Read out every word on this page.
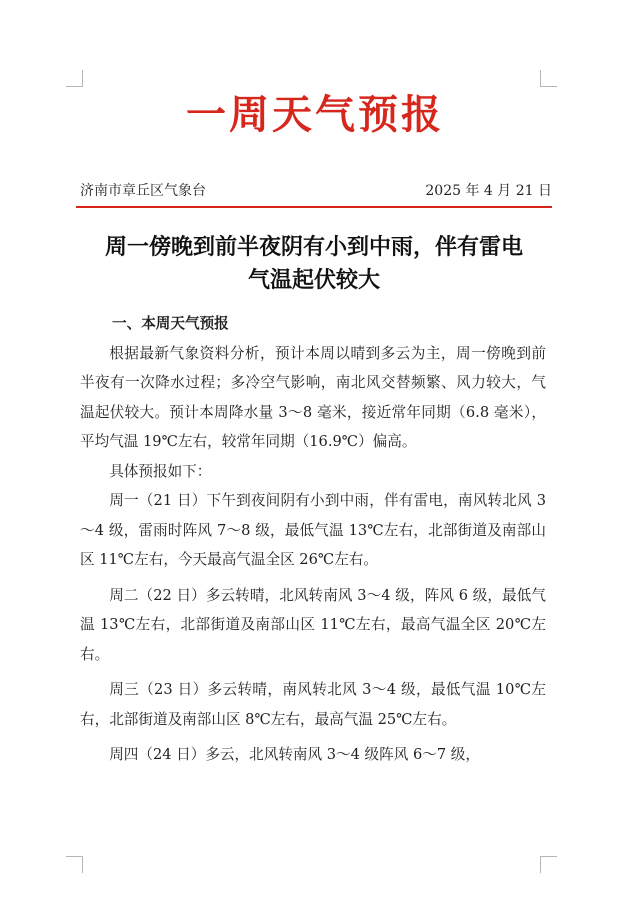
一周天气预报
济南市章丘区气象台	2025 年 4 月 21 日
周一傍晚到前半夜阴有小到中雨，伴有雷电
气温起伏较大

一、本周天气预报

根据最新气象资料分析，预计本周以晴到多云为主，周一傍晚到前半夜有一次降水过程；多冷空气影响，南北风交替频繁、风力较大，气温起伏较大。预计本周降水量 3～8 毫米，接近常年同期（6.8 毫米），平均气温 19℃左右，较常年同期（16.9℃）偏高。

具体预报如下：

周一（21 日）下午到夜间阴有小到中雨，伴有雷电，南风转北风 3～4 级，雷雨时阵风 7～8 级，最低气温 13℃左右，北部街道及南部山区 11℃左右，今天最高气温全区 26℃左右。

周二（22 日）多云转晴，北风转南风 3～4 级，阵风 6 级，最低气温 13℃左右，北部街道及南部山区 11℃左右，最高气温全区 20℃左右。

周三（23 日）多云转晴，南风转北风 3～4 级，最低气温 10℃左右，北部街道及南部山区 8℃左右，最高气温 25℃左右。

周四（24 日）多云，北风转南风 3～4 级阵风 6～7 级，
